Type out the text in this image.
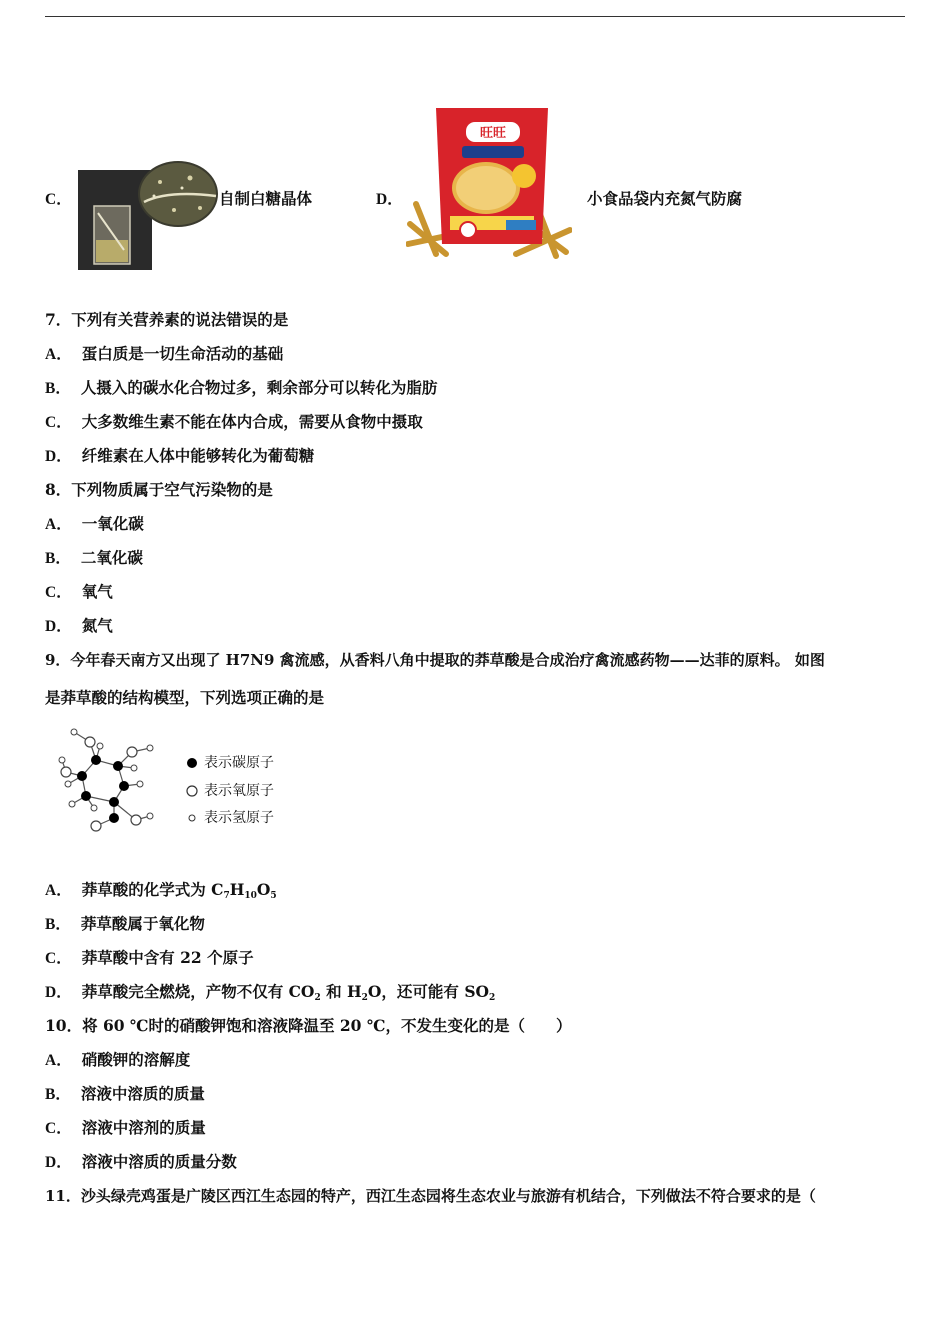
C．	自制白糖晶体	D．
旺旺
小食品袋内充氮气防腐
7．下列有关营养素的说法错误的是
A． 蛋白质是一切生命活动的基础
B． 人摄入的碳水化合物过多，剩余部分可以转化为脂肪
C． 大多数维生素不能在体内合成，需要从食物中摄取
D． 纤维素在人体中能够转化为葡萄糖
8．下列物质属于空气污染物的是
A． 一氧化碳
B． 二氧化碳
C． 氧气
D． 氮气
9．今年春天南方又出现了 H7N9 禽流感，从香料八角中提取的莽草酸是合成治疗禽流感药物——达菲的原料。 如图
是莽草酸的结构模型，下列选项正确的是
表示碳原子
表示氧原子
表示氢原子
A． 莽草酸的化学式为 $C_7H_{10}O_5$
B． 莽草酸属于氧化物
C． 莽草酸中含有 22 个原子
D． 莽草酸完全燃烧，产物不仅有 $CO_2$ 和 $H_2O$，还可能有 $SO_2$
10．将 60 ℃时的硝酸钾饱和溶液降温至 20 ℃，不发生变化的是（　　）
A． 硝酸钾的溶解度
B． 溶液中溶质的质量
C． 溶液中溶剂的质量
D． 溶液中溶质的质量分数
11．沙头绿壳鸡蛋是广陵区西江生态园的特产，西江生态园将生态农业与旅游有机结合，下列做法不符合要求的是（
